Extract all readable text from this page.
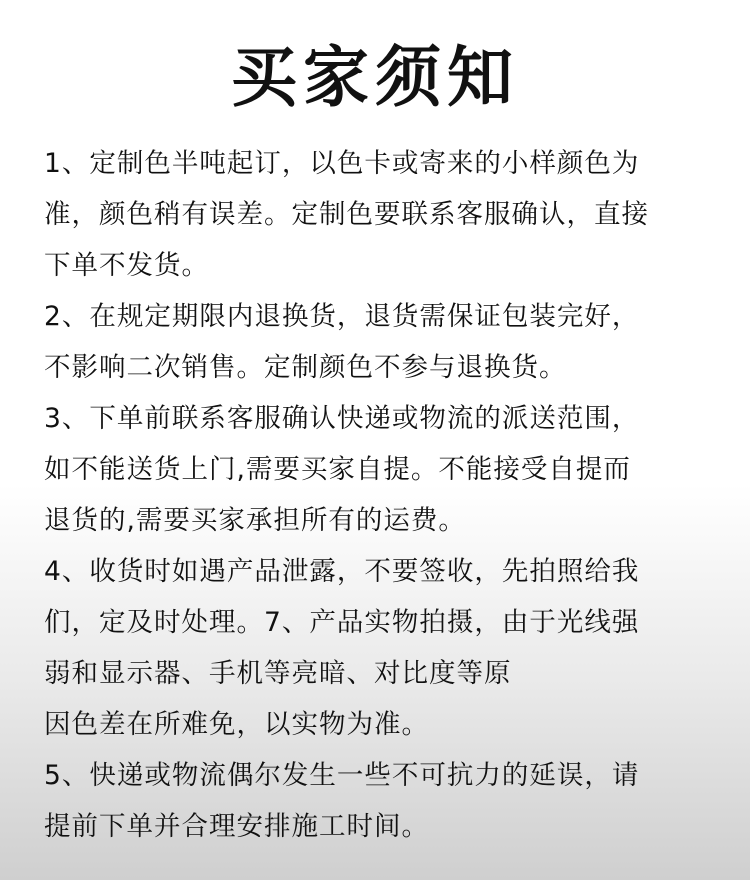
买家须知
1、定制色半吨起订，以色卡或寄来的小样颜色为
准，颜色稍有误差。定制色要联系客服确认，直接
下单不发货。
2、在规定期限内退换货，退货需保证包装完好，
不影响二次销售。定制颜色不参与退换货。
3、下单前联系客服确认快递或物流的派送范围，
如不能送货上门,需要买家自提。不能接受自提而
退货的,需要买家承担所有的运费。
4、收货时如遇产品泄露，不要签收，先拍照给我
们，定及时处理。7、产品实物拍摄，由于光线强
弱和显示器、手机等亮暗、对比度等原
因色差在所难免，以实物为准。
5、快递或物流偶尔发生一些不可抗力的延误，请
提前下单并合理安排施工时间。
